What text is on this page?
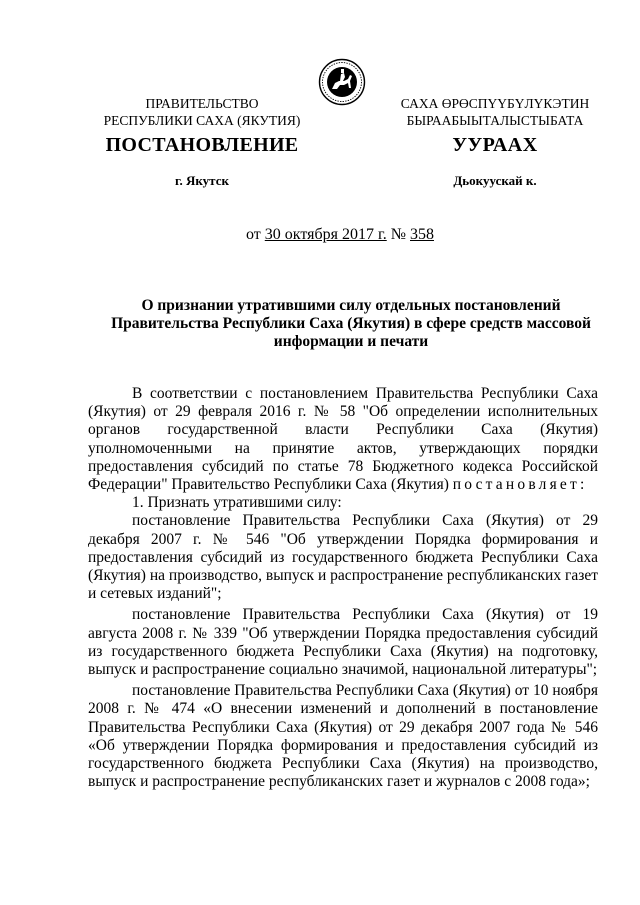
ПРАВИТЕЛЬСТВО
РЕСПУБЛИКИ САХА (ЯКУТИЯ)
САХА ӨРӨСПҮҮБҮЛҮКЭТИН
БЫРААБЫЫТАЛЫСТЫБАТА
ПОСТАНОВЛЕНИЕ	УУРААХ
г. Якутск	Дьокуускай к.
от 30 октября 2017 г. № 358
О признании утратившими силу отдельных постановлений
Правительства Республики Саха (Якутия) в сфере средств массовой
информации и печати

В соответствии с постановлением Правительства Республики Саха (Якутия) от 29 февраля 2016 г. № 58 "Об определении исполнительных органов государственной власти Республики Саха (Якутия) уполномоченными на принятие актов, утверждающих порядки предоставления субсидий по статье 78 Бюджетного кодекса Российской Федерации" Правительство Республики Саха (Якутия) постановляет:

1. Признать утратившими силу:

постановление Правительства Республики Саха (Якутия) от 29 декабря 2007 г. № 546 "Об утверждении Порядка формирования и предоставления субсидий из государственного бюджета Республики Саха (Якутия) на производство, выпуск и распространение республиканских газет и сетевых изданий";

постановление Правительства Республики Саха (Якутия) от 19 августа 2008 г. № 339 "Об утверждении Порядка предоставления субсидий из государственного бюджета Республики Саха (Якутия) на подготовку, выпуск и распространение социально значимой, национальной литературы";

постановление Правительства Республики Саха (Якутия) от 10 ноября 2008 г. № 474 «О внесении изменений и дополнений в постановление Правительства Республики Саха (Якутия) от 29 декабря 2007 года № 546 «Об утверждении Порядка формирования и предоставления субсидий из государственного бюджета Республики Саха (Якутия) на производство, выпуск и распространение республиканских газет и журналов с 2008 года»;
